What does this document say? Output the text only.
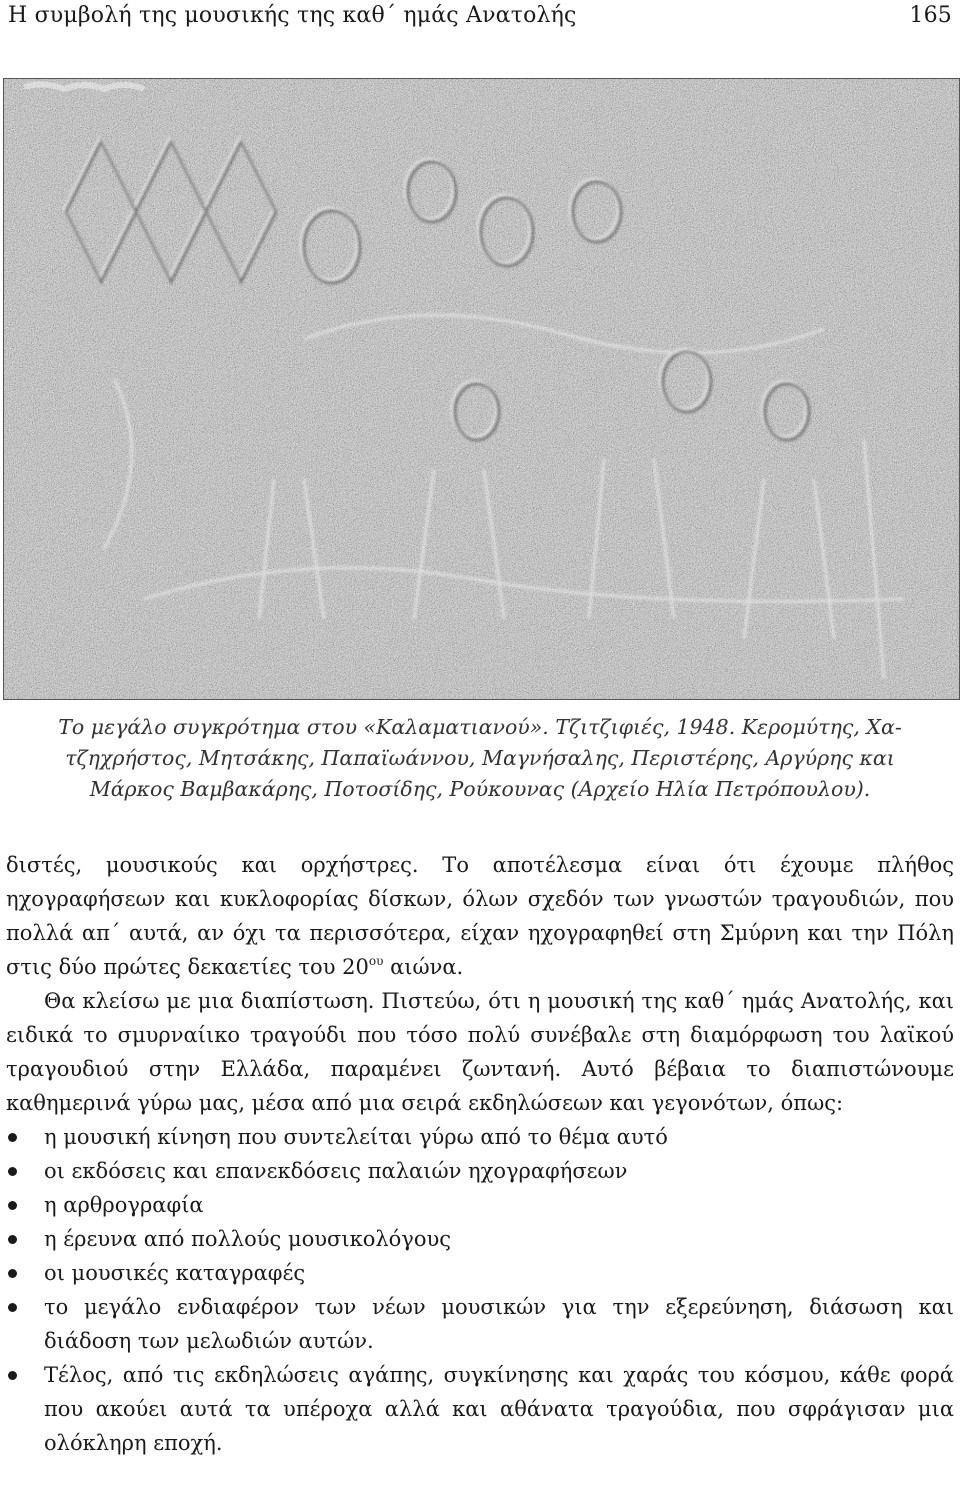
Η συμβολή της μουσικής της καθ΄ ημάς Ανατολής	165

Το μεγάλο συγκρότημα στου «Καλαματιανού». Τζιτζιφιές, 1948. Κερομύτης, Χα-

τζηχρήστος, Μητσάκης, Παπαϊωάννου, Μαγνήσαλης, Περιστέρης, Αργύρης και

Μάρκος Βαμβακάρης, Ποτοσίδης, Ρούκουνας (Αρχείο Ηλία Πετρόπουλου).

διστές, μουσικούς και ορχήστρες. Το αποτέλεσμα είναι ότι έχουμε πλήθος ηχογραφήσεων και κυκλοφορίας δίσκων, όλων σχεδόν των γνωστών τραγουδιών, που πολλά απ΄ αυτά, αν όχι τα περισσότερα, είχαν ηχογραφηθεί στη Σμύρνη και την Πόλη στις δύο πρώτες δεκαετίες του $20^{o\upsilon}$ αιώνα.

Θα κλείσω με μια διαπίστωση. Πιστεύω, ότι η μουσική της καθ΄ ημάς Ανατολής, και ειδικά το σμυρναίικο τραγούδι που τόσο πολύ συνέβαλε στη διαμόρφωση του λαϊκού τραγουδιού στην Ελλάδα, παραμένει ζωντανή. Αυτό βέβαια το διαπιστώνουμε καθημερινά γύρω μας, μέσα από μια σειρά εκδηλώσεων και γεγονότων, όπως:

η μουσική κίνηση που συντελείται γύρω από το θέμα αυτό
οι εκδόσεις και επανεκδόσεις παλαιών ηχογραφήσεων
η αρθρογραφία
η έρευνα από πολλούς μουσικολόγους
οι μουσικές καταγραφές
το μεγάλο ενδιαφέρον των νέων μουσικών για την εξερεύνηση, διάσωση και διάδοση των μελωδιών αυτών.
Τέλος, από τις εκδηλώσεις αγάπης, συγκίνησης και χαράς του κόσμου, κάθε φορά που ακούει αυτά τα υπέροχα αλλά και αθάνατα τραγούδια, που σφράγισαν μια ολόκληρη εποχή.
